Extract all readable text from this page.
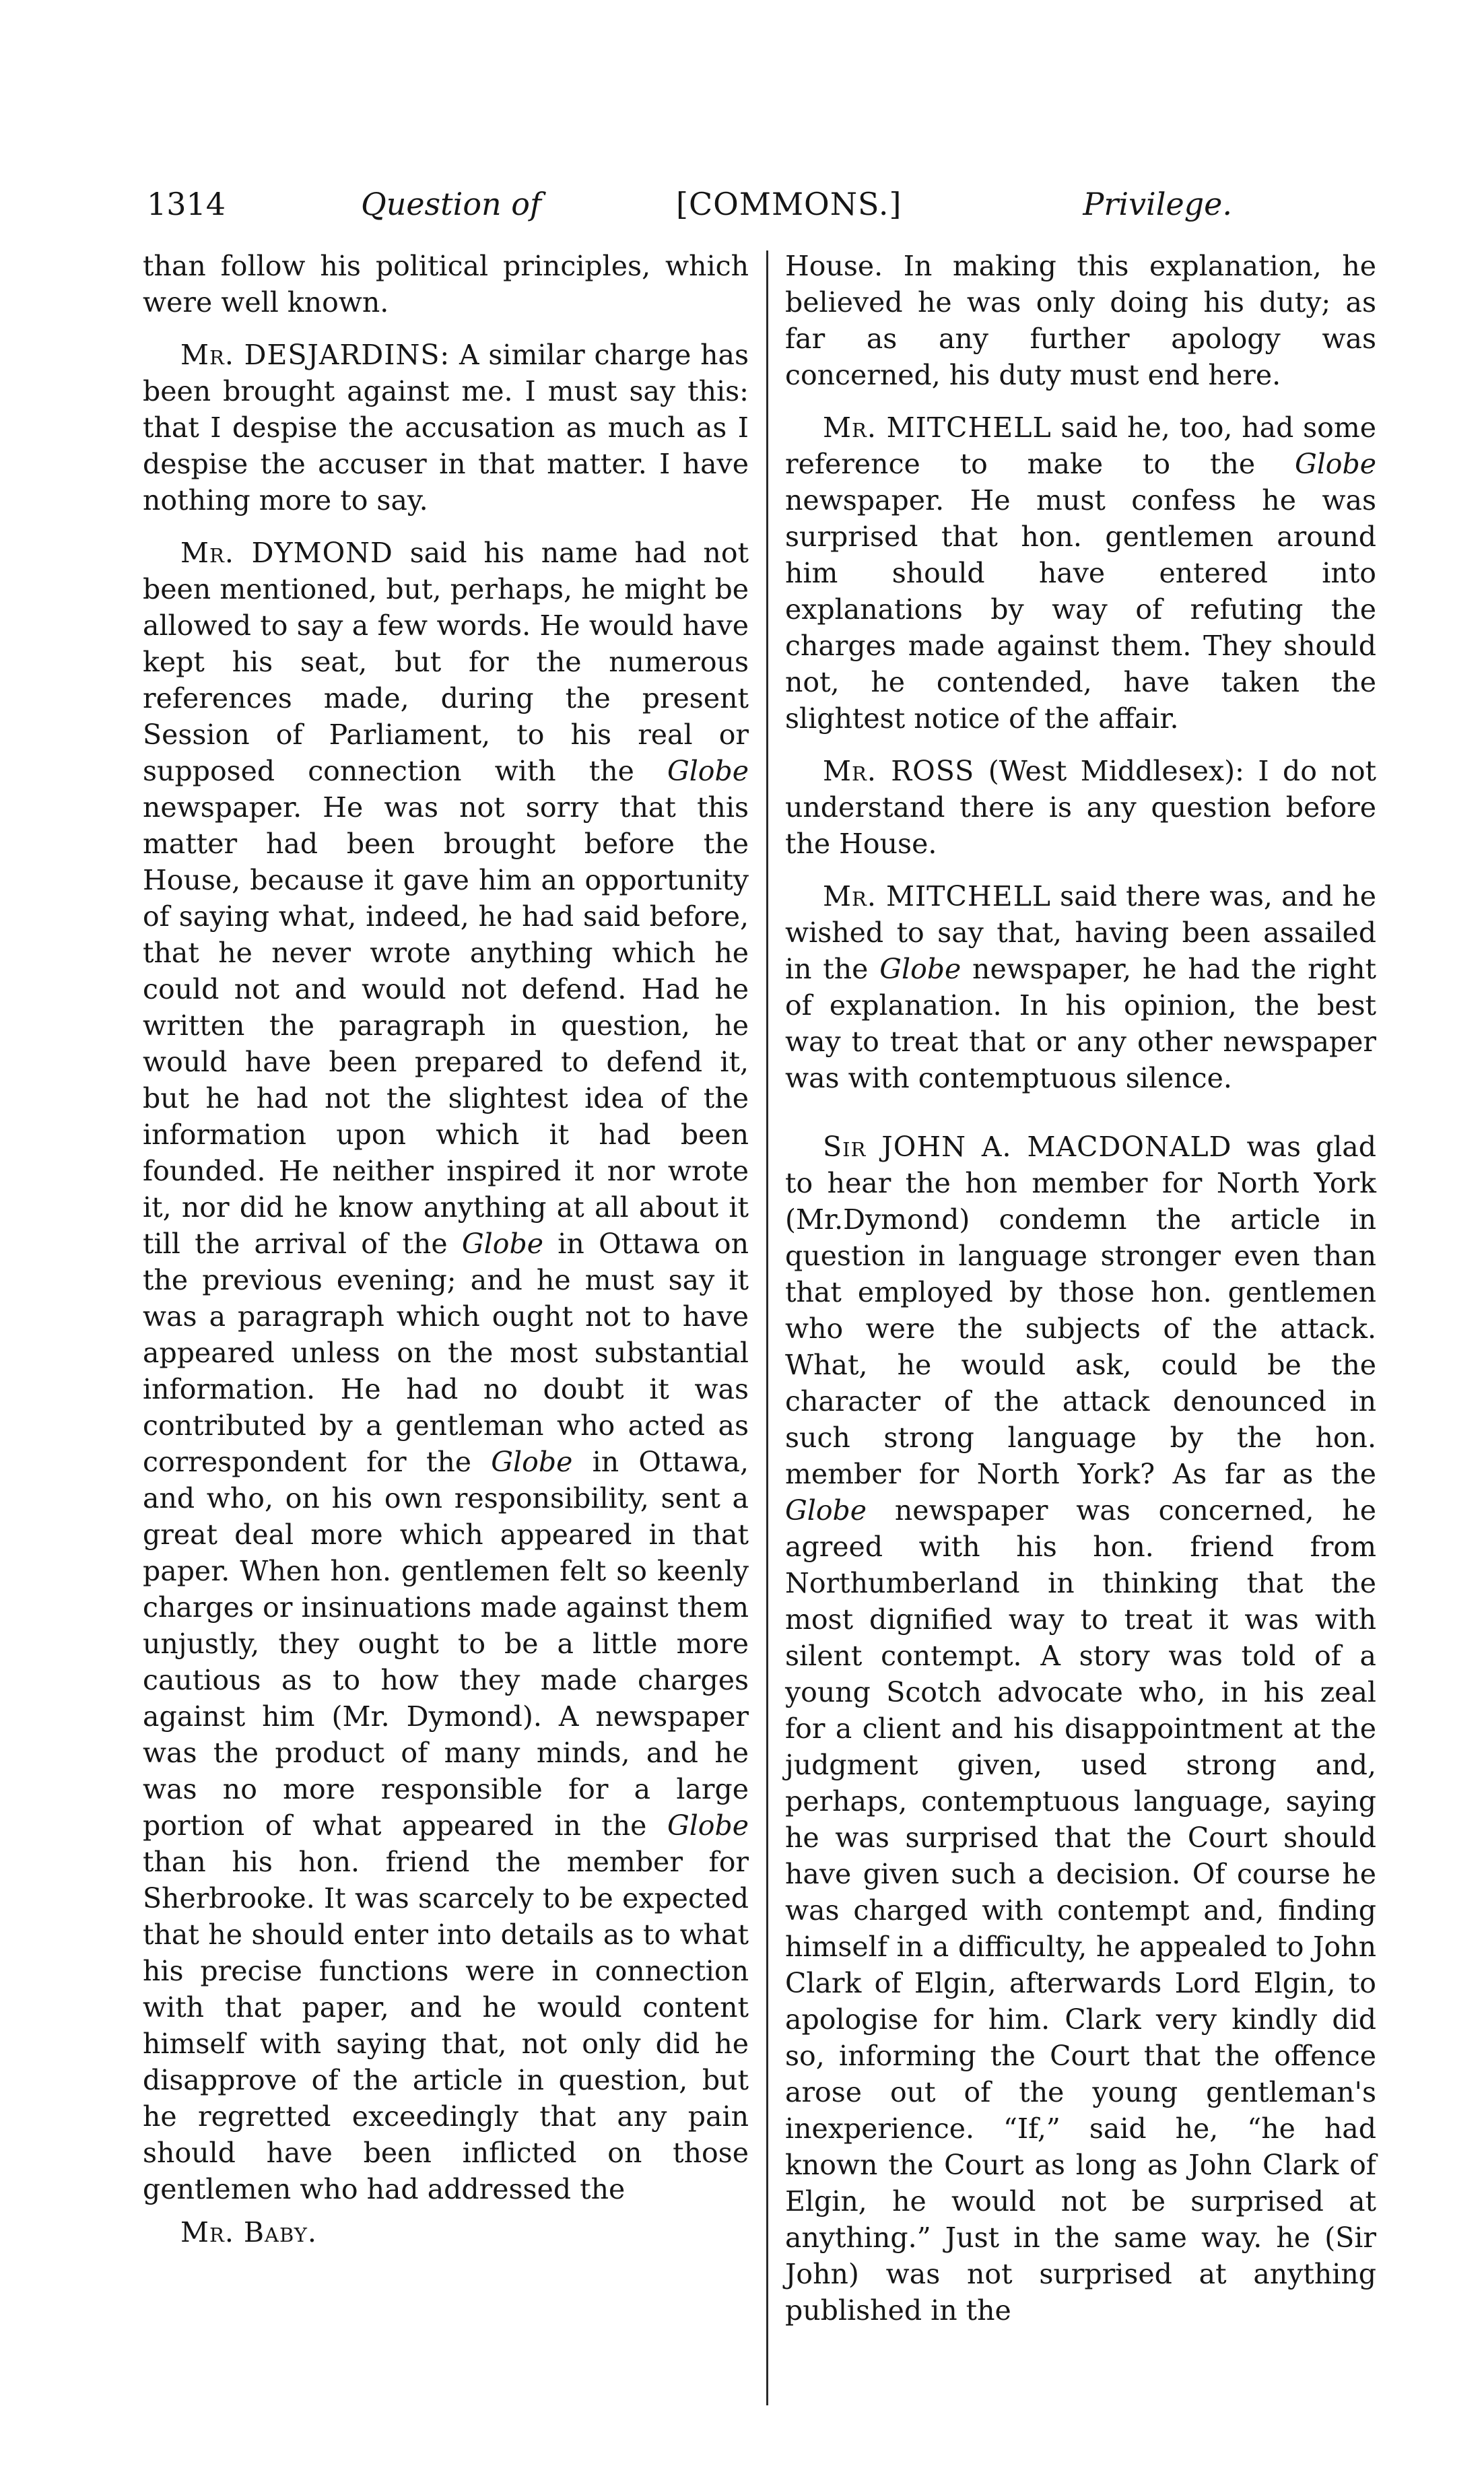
1314	Question of	[COMMONS.]	Privilege.

than follow his political principles, which were well known.

Mr. DESJARDINS: A similar charge has been brought against me. I must say this: that I despise the accusation as much as I despise the accuser in that matter. I have nothing more to say.

Mr. DYMOND said his name had not been mentioned, but, perhaps, he might be allowed to say a few words. He would have kept his seat, but for the numerous references made, during the present Session of Parliament, to his real or supposed connection with the Globe newspaper. He was not sorry that this matter had been brought before the House, because it gave him an opportunity of saying what, indeed, he had said before, that he never wrote anything which he could not and would not defend. Had he written the paragraph in question, he would have been prepared to defend it, but he had not the slightest idea of the information upon which it had been founded. He neither inspired it nor wrote it, nor did he know anything at all about it till the arrival of the Globe in Ottawa on the previous evening; and he must say it was a paragraph which ought not to have appeared unless on the most substantial information. He had no doubt it was contributed by a gentleman who acted as correspondent for the Globe in Ottawa, and who, on his own responsibility, sent a great deal more which appeared in that paper. When hon. gentlemen felt so keenly charges or insinuations made against them unjustly, they ought to be a little more cautious as to how they made charges against him (Mr. Dymond). A newspaper was the product of many minds, and he was no more responsible for a large portion of what appeared in the Globe than his hon. friend the member for Sherbrooke. It was scarcely to be expected that he should enter into details as to what his precise functions were in connection with that paper, and he would content himself with saying that, not only did he disapprove of the article in question, but he regretted exceedingly that any pain should have been inflicted on those gentlemen who had addressed the

Mr. Baby.

House. In making this explanation, he believed he was only doing his duty; as far as any further apology was concerned, his duty must end here.

Mr. MITCHELL said he, too, had some reference to make to the Globe newspaper. He must confess he was surprised that hon. gentlemen around him should have entered into explanations by way of refuting the charges made against them. They should not, he contended, have taken the slightest notice of the affair.

Mr. ROSS (West Middlesex): I do not understand there is any question before the House.

Mr. MITCHELL said there was, and he wished to say that, having been assailed in the Globe newspaper, he had the right of explanation. In his opinion, the best way to treat that or any other newspaper was with contemptuous silence.

Sir JOHN A. MACDONALD was glad to hear the hon member for North York (Mr.Dymond) condemn the article in question in language stronger even than that employed by those hon. gentlemen who were the subjects of the attack. What, he would ask, could be the character of the attack denounced in such strong language by the hon. member for North York? As far as the Globe newspaper was concerned, he agreed with his hon. friend from Northumberland in thinking that the most dignified way to treat it was with silent contempt. A story was told of a young Scotch advocate who, in his zeal for a client and his disappointment at the judgment given, used strong and, perhaps, contemptuous language, saying he was surprised that the Court should have given such a decision. Of course he was charged with contempt and, finding himself in a difficulty, he appealed to John Clark of Elgin, afterwards Lord Elgin, to apologise for him. Clark very kindly did so, informing the Court that the offence arose out of the young gentleman's inexperience. “If,” said he, “he had known the Court as long as John Clark of Elgin, he would not be surprised at anything.” Just in the same way. he (Sir John) was not surprised at anything published in the
